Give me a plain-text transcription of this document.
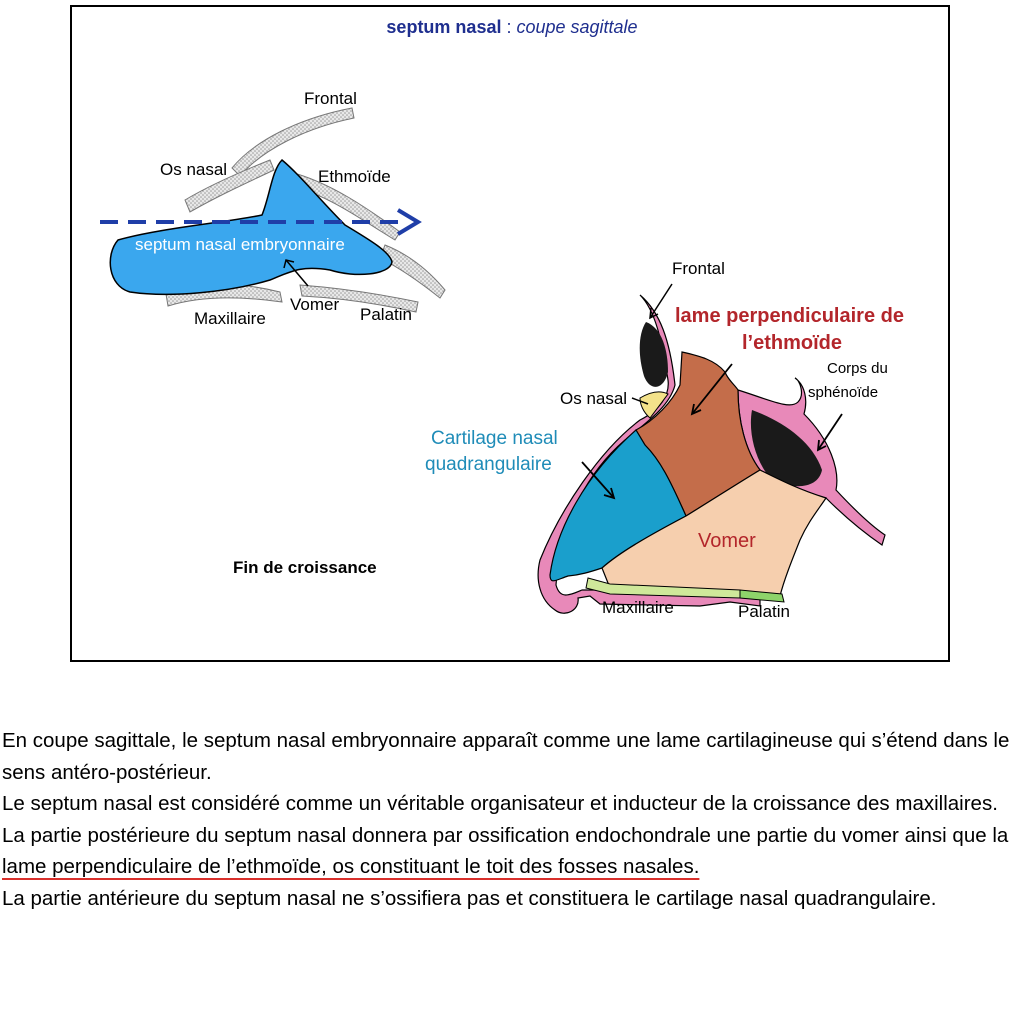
septum nasal : coupe sagittale
Frontal
Os nasal	Ethmoïde
septum nasal embryonnaire
Vomer
Maxillaire	Palatin
Frontal
lame perpendiculaire de
l’ethmoïde
Corps du
sphénoïde
Os nasal
Cartilage nasal
quadrangulaire
Vomer
Maxillaire	Palatin
Fin de croissance

En coupe sagittale, le septum nasal embryonnaire apparaît comme une lame cartilagineuse qui s’étend dans le sens antéro-postérieur.

Le septum nasal est considéré comme un véritable organisateur et inducteur de la croissance des maxillaires.

La partie postérieure du septum nasal donnera par ossification endochondrale une partie du vomer ainsi que la lame perpendiculaire de l’ethmoïde, os constituant le toit des fosses nasales.

La partie antérieure du septum nasal ne s’ossifiera pas et constituera le cartilage nasal quadrangulaire.
